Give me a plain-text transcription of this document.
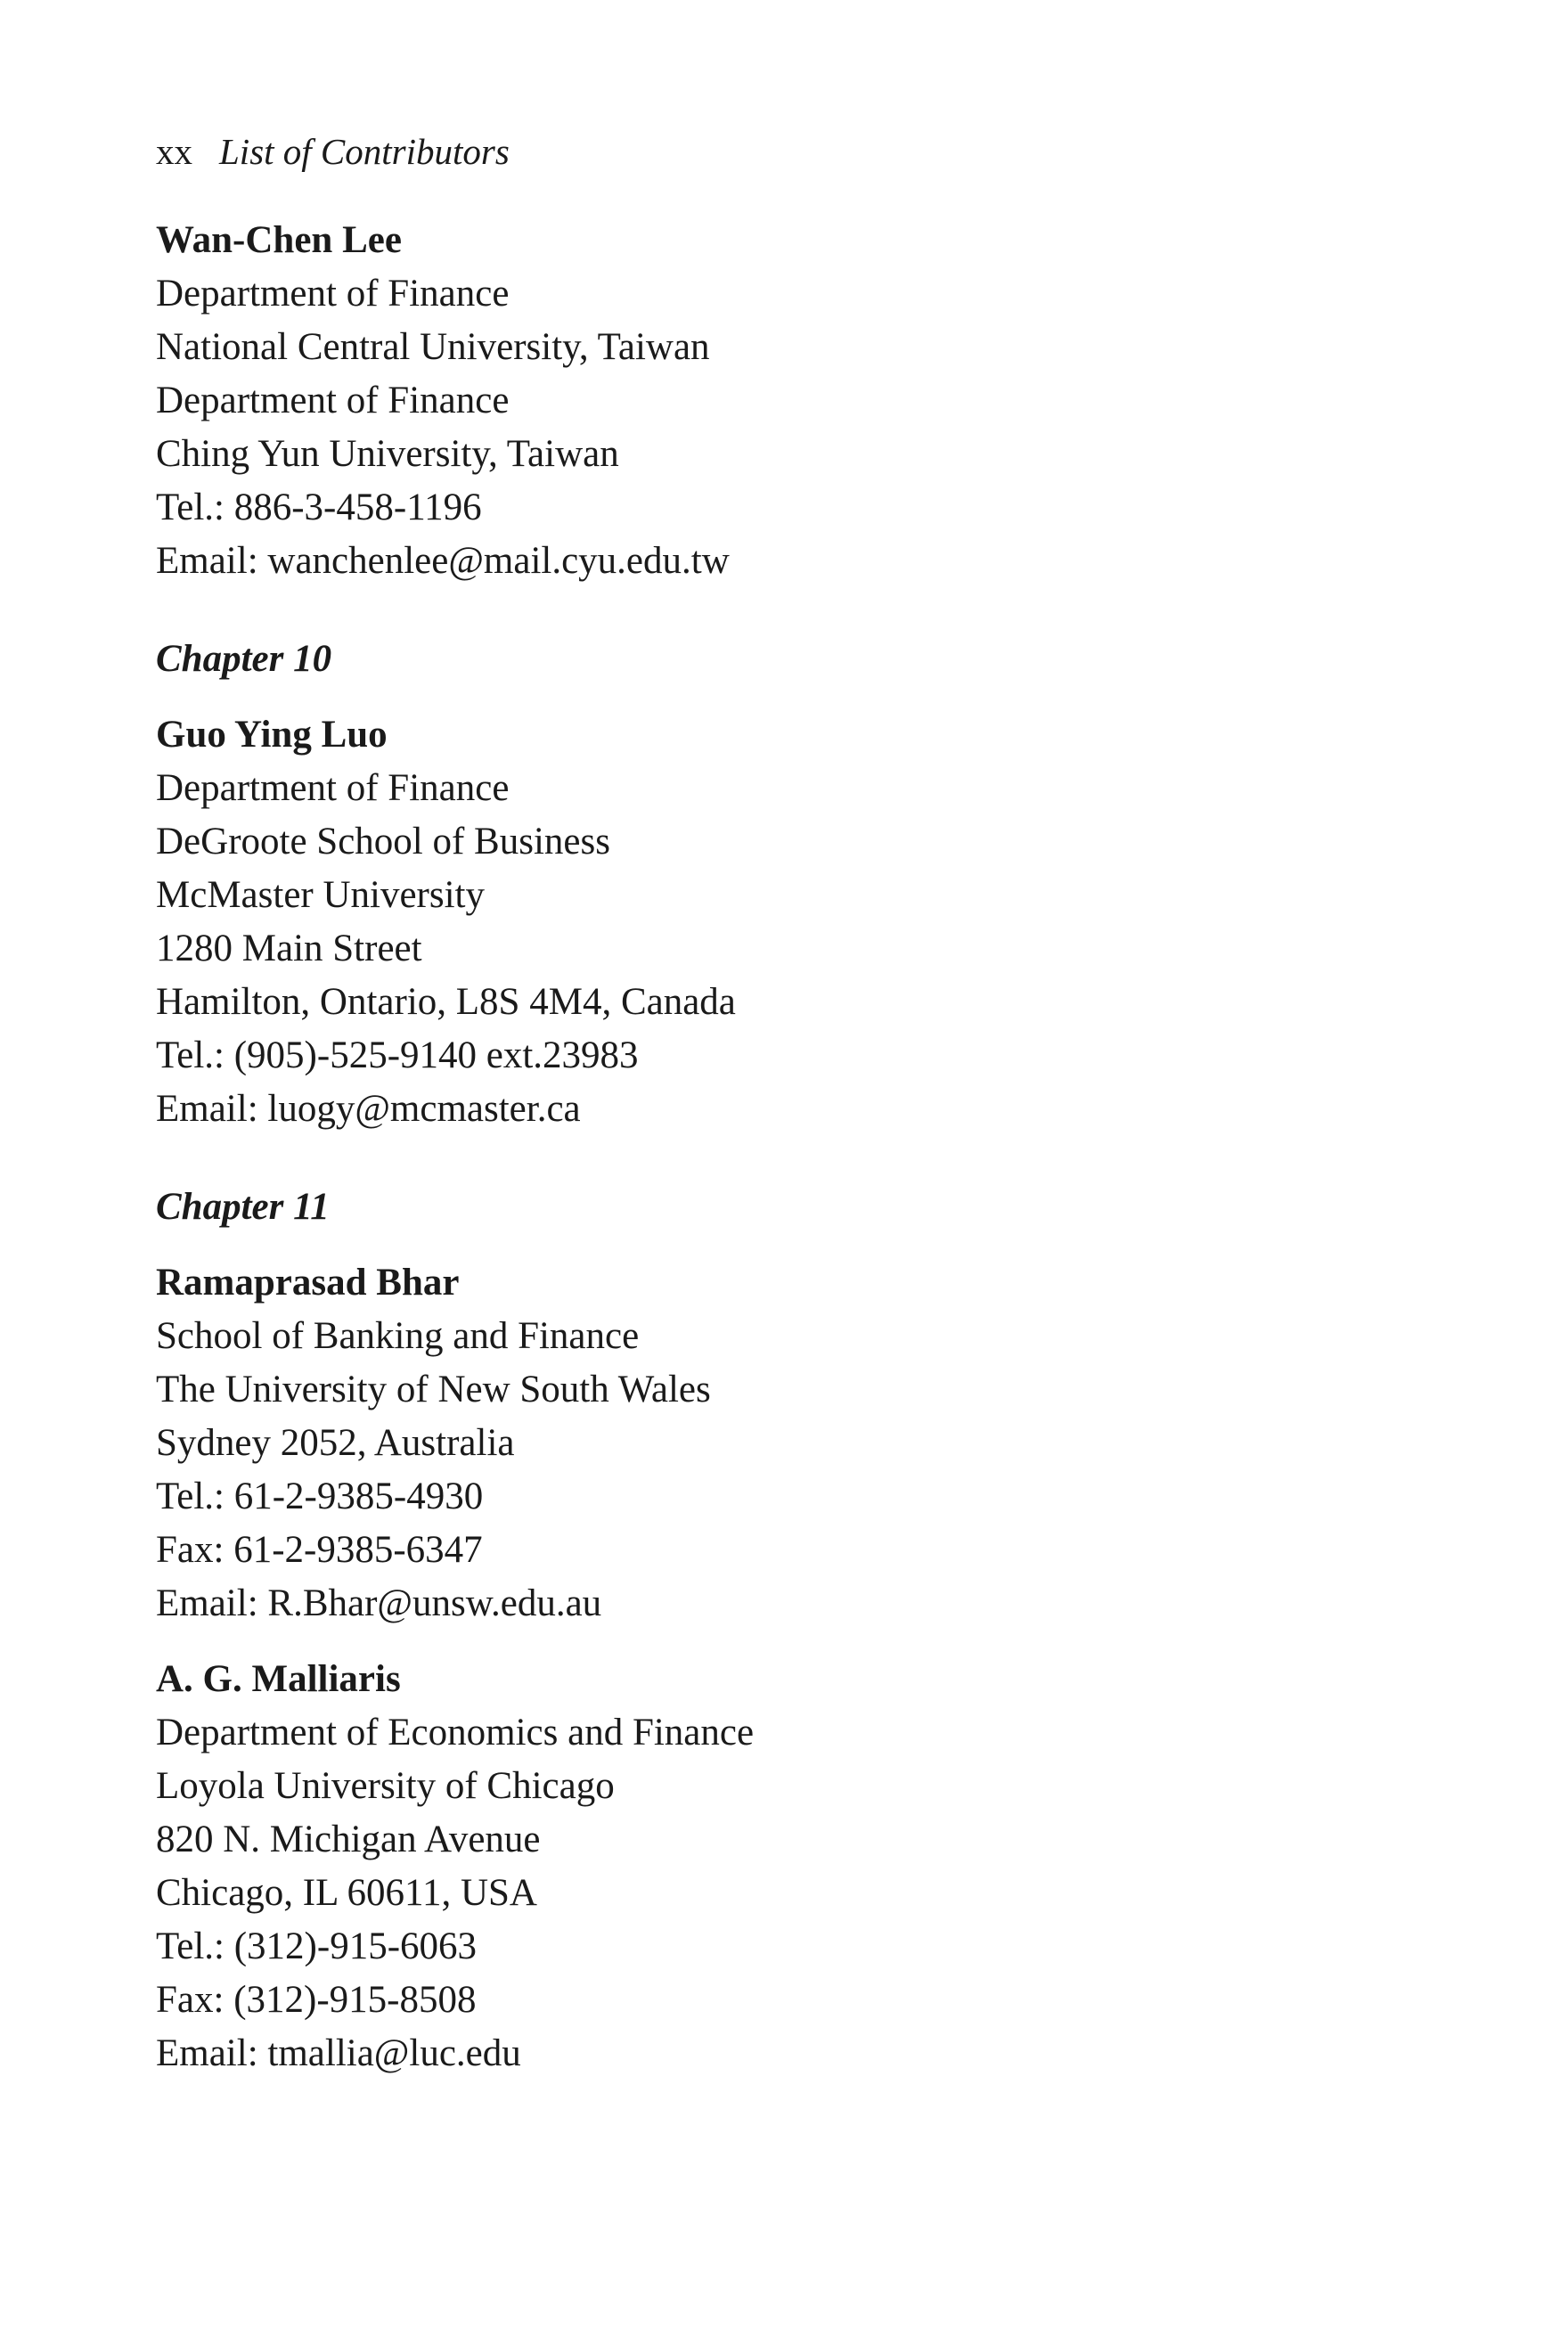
xx List of Contributors
Wan-Chen Lee
Department of Finance
National Central University, Taiwan
Department of Finance
Ching Yun University, Taiwan
Tel.: 886-3-458-1196
Email: wanchenlee@mail.cyu.edu.tw
Chapter 10
Guo Ying Luo
Department of Finance
DeGroote School of Business
McMaster University
1280 Main Street
Hamilton, Ontario, L8S 4M4, Canada
Tel.: (905)-525-9140 ext.23983
Email: luogy@mcmaster.ca
Chapter 11
Ramaprasad Bhar
School of Banking and Finance
The University of New South Wales
Sydney 2052, Australia
Tel.: 61-2-9385-4930
Fax: 61-2-9385-6347
Email: R.Bhar@unsw.edu.au
A. G. Malliaris
Department of Economics and Finance
Loyola University of Chicago
820 N. Michigan Avenue
Chicago, IL 60611, USA
Tel.: (312)-915-6063
Fax: (312)-915-8508
Email: tmallia@luc.edu
